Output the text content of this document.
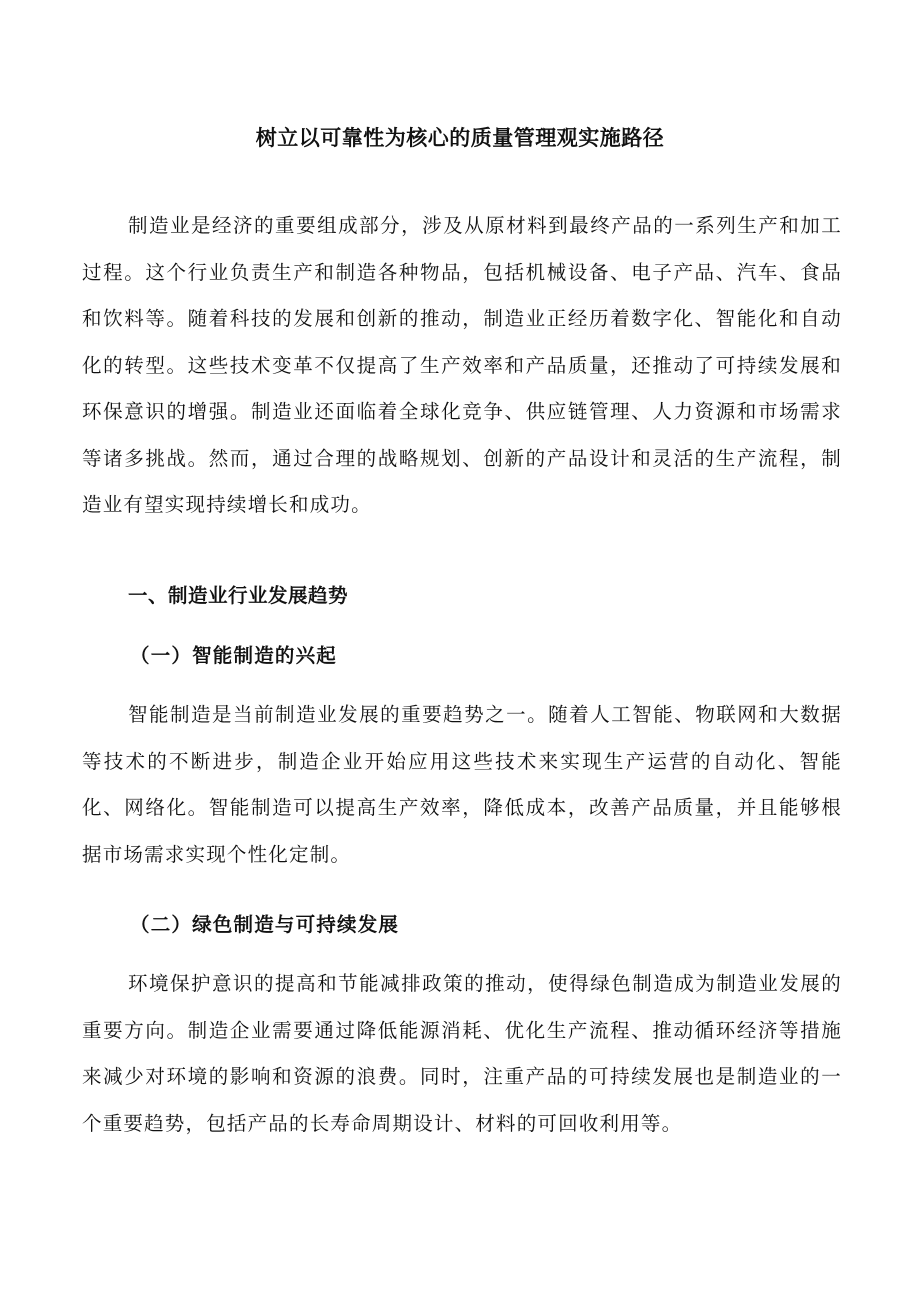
树立以可靠性为核心的质量管理观实施路径

制造业是经济的重要组成部分，涉及从原材料到最终产品的一系列生产和加工过程。这个行业负责生产和制造各种物品，包括机械设备、电子产品、汽车、食品和饮料等。随着科技的发展和创新的推动，制造业正经历着数字化、智能化和自动化的转型。这些技术变革不仅提高了生产效率和产品质量，还推动了可持续发展和环保意识的增强。制造业还面临着全球化竞争、供应链管理、人力资源和市场需求等诸多挑战。然而，通过合理的战略规划、创新的产品设计和灵活的生产流程，制造业有望实现持续增长和成功。

一、制造业行业发展趋势
（一）智能制造的兴起

智能制造是当前制造业发展的重要趋势之一。随着人工智能、物联网和大数据等技术的不断进步，制造企业开始应用这些技术来实现生产运营的自动化、智能化、网络化。智能制造可以提高生产效率，降低成本，改善产品质量，并且能够根据市场需求实现个性化定制。

（二）绿色制造与可持续发展

环境保护意识的提高和节能减排政策的推动，使得绿色制造成为制造业发展的重要方向。制造企业需要通过降低能源消耗、优化生产流程、推动循环经济等措施来减少对环境的影响和资源的浪费。同时，注重产品的可持续发展也是制造业的一个重要趋势，包括产品的长寿命周期设计、材料的可回收利用等。
